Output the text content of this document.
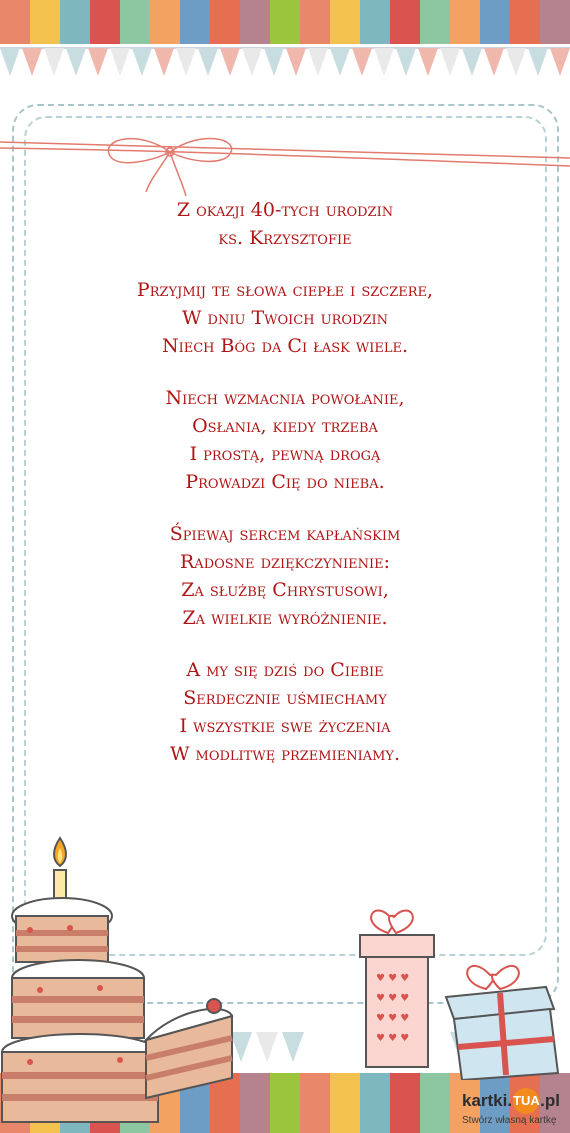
Z okazji 40-tych urodzin
ks. Krzysztofie
Przyjmij te słowa ciepłe i szczere,
W dniu Twoich urodzin
Niech Bóg da Ci łask wiele.
Niech wzmacnia powołanie,
Osłania, kiedy trzeba
I prostą, pewną drogą
Prowadzi Cię do nieba.
Śpiewaj sercem kapłańskim
Radosne dziękczynienie:
Za służbę Chrystusowi,
Za wielkie wyróżnienie.
A my się dziś do Ciebie
Serdecznie uśmiechamy
I wszystkie swe życzenia
W modlitwę przemieniamy.
♥ ♥ ♥
♥ ♥ ♥
♥ ♥ ♥
♥ ♥ ♥
kartki. TUA .pl
Stwórz własną kartkę
